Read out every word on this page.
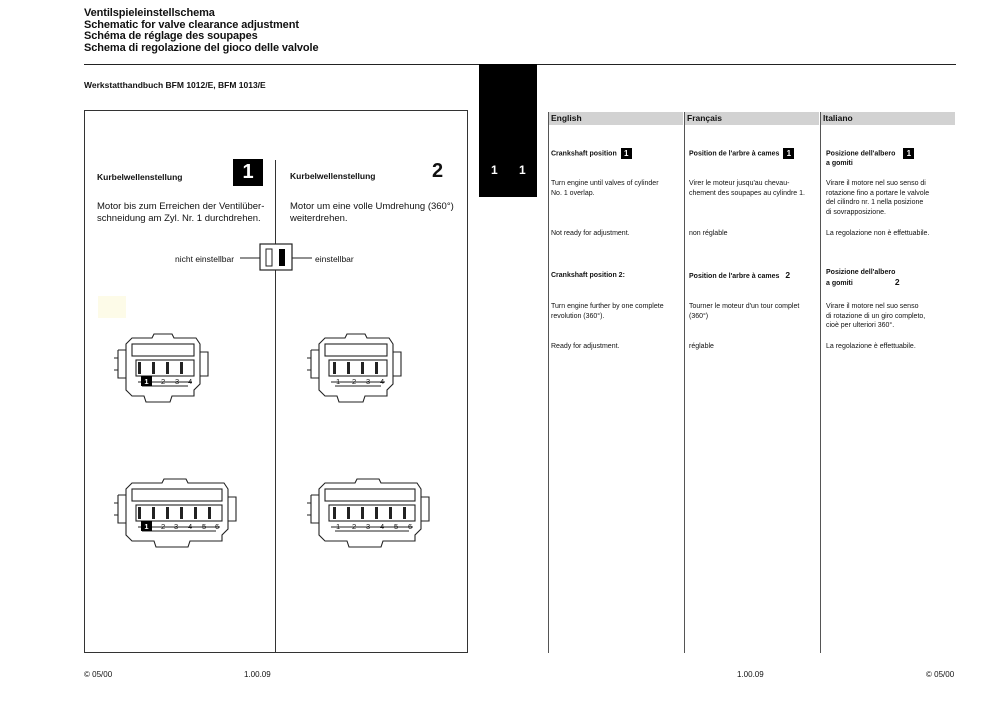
Ventilspieleinstellschema
Schematic for valve clearance adjustment
Schéma de réglage des soupapes
Schema di regolazione del gioco delle valvole
Werkstatthandbuch BFM 1012/E, BFM 1013/E
1 1
Kurbelwellenstellung	1
Motor bis zum Erreichen der Ventilüber-
schneidung am Zyl. Nr. 1 durchdrehen.
Kurbelwellenstellung	2
Motor um eine volle Umdrehung (360°)
weiterdrehen.
nicht einstellbar	einstellbar
1	2 3 4	1 2 3 4
1	2 3 4 5 6	1 2 3 4 5 6
English	Français	Italiano
Crankshaft position 1
Turn engine until valves of cylinder
No. 1 overlap.
Not ready for adjustment.
Crankshaft position 2:
Turn engine further by one complete
revolution (360°).
Ready for adjustment.
Position de l'arbre à cames 1
Virer le moteur jusqu'au chevau-
chement des soupapes au cylindre 1.
non réglable
Position de l'arbre à cames 2
Tourner le moteur d'un tour complet
(360°)
réglable
Posizione dell'albero 1
a gomiti
Virare il motore nel suo senso di
rotazione fino a portare le valvole
del cilindro nr. 1 nella posizione
di sovrapposizione.
La regolazione non è effettuabile.
Posizione dell'albero
a gomiti	2
Virare il motore nel suo senso
di rotazione di un giro completo,
cioè per ulteriori 360°.
La regolazione è effettuabile.
© 05/00	1.00.09	1.00.09	© 05/00
